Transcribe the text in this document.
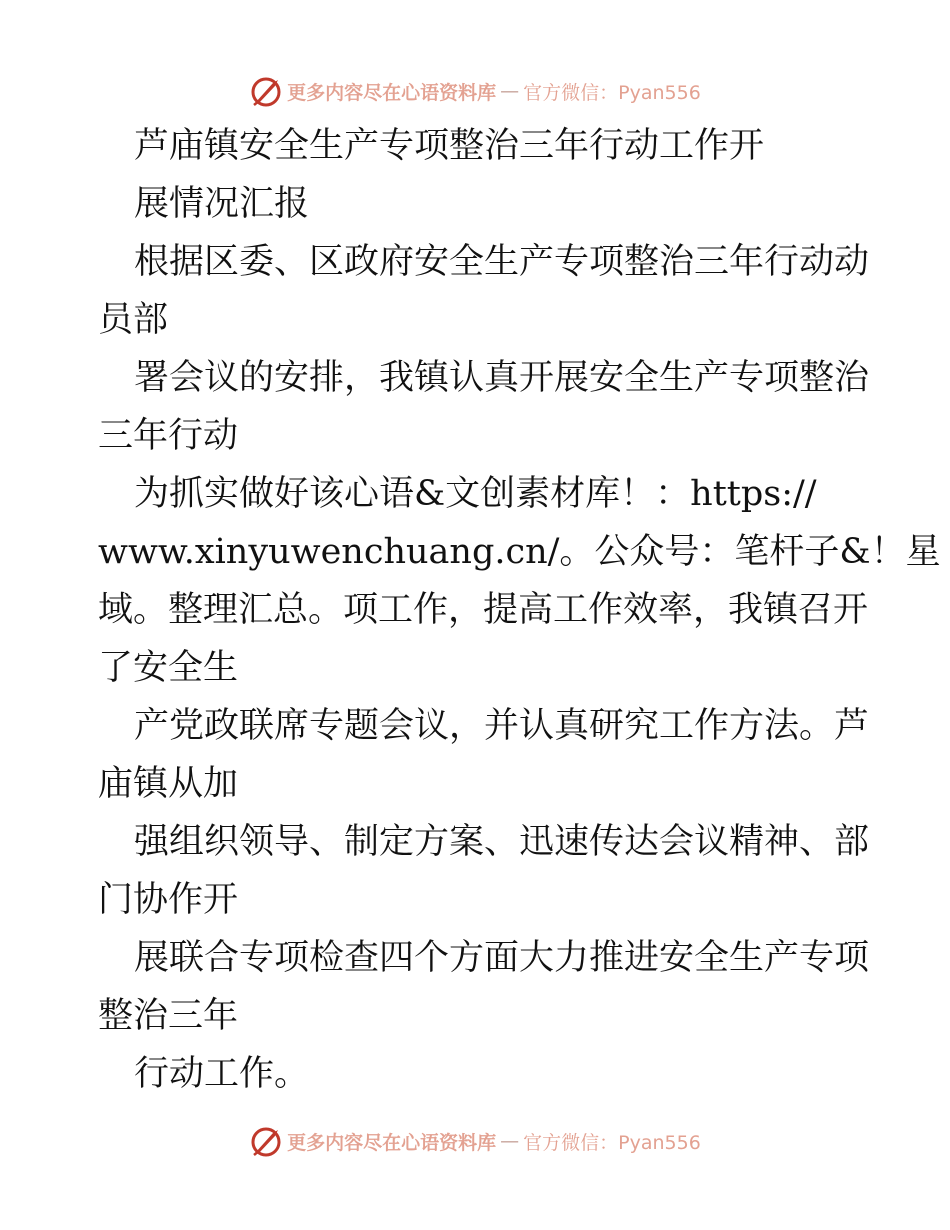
更多内容尽在心语资料库 — 官方微信：Pyan556
芦庙镇安全生产专项整治三年行动工作开
展情况汇报
根据区委、区政府安全生产专项整治三年行动动
员部
署会议的安排，我镇认真开展安全生产专项整治
三年行动
为抓实做好该心语&文创素材库！：https://
www.xinyuwenchuang.cn/。公众号：笔杆子&！星
域。整理汇总。项工作，提高工作效率，我镇召开
了安全生
产党政联席专题会议，并认真研究工作方法。芦
庙镇从加
强组织领导、制定方案、迅速传达会议精神、部
门协作开
展联合专项检查四个方面大力推进安全生产专项
整治三年
行动工作。
更多内容尽在心语资料库 — 官方微信：Pyan556
